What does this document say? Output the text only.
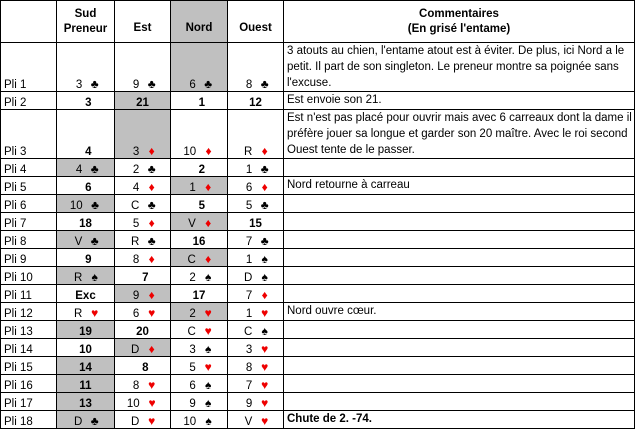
	Sud
Preneur	Est	Nord	Ouest	Commentaires
(En grisé l'entame)
Pli 1	3 ♣	9 ♣	6 ♣	8 ♣	3 atouts au chien, l'entame atout est à éviter. De plus, ici Nord a le petit. Il part de son singleton. Le preneur montre sa poignée sans l'excuse.
Pli 2	3	21	1	12	Est envoie son 21.
Pli 3	4	3 ♦	10 ♦	R ♦	Est n'est pas placé pour ouvrir mais avec 6 carreaux dont la dame il préfère jouer sa longue et garder son 20 maître. Avec le roi second Ouest tente de le passer.
Pli 4	4 ♣	2 ♣	2	1 ♣	
Pli 5	6	4 ♦	1 ♦	6 ♦	Nord retourne à carreau
Pli 6	10 ♣	C ♣	5	5 ♣	
Pli 7	18	5 ♦	V ♦	15	
Pli 8	V ♣	R ♣	16	7 ♣	
Pli 9	9	8 ♦	C ♦	1 ♠	
Pli 10	R ♠	7	2 ♠	D ♠	
Pli 11	Exc	9 ♦	17	7 ♦	
Pli 12	R ♥	6 ♥	2 ♥	1 ♥	Nord ouvre cœur.
Pli 13	19	20	C ♥	C ♠	
Pli 14	10	D ♦	3 ♠	3 ♥	
Pli 15	14	8	5 ♥	8 ♥	
Pli 16	11	8 ♥	6 ♠	7 ♥	
Pli 17	13	10 ♥	9 ♠	9 ♥	
Pli 18	D ♣	D ♥	10 ♠	V ♥	Chute de 2. -74.
